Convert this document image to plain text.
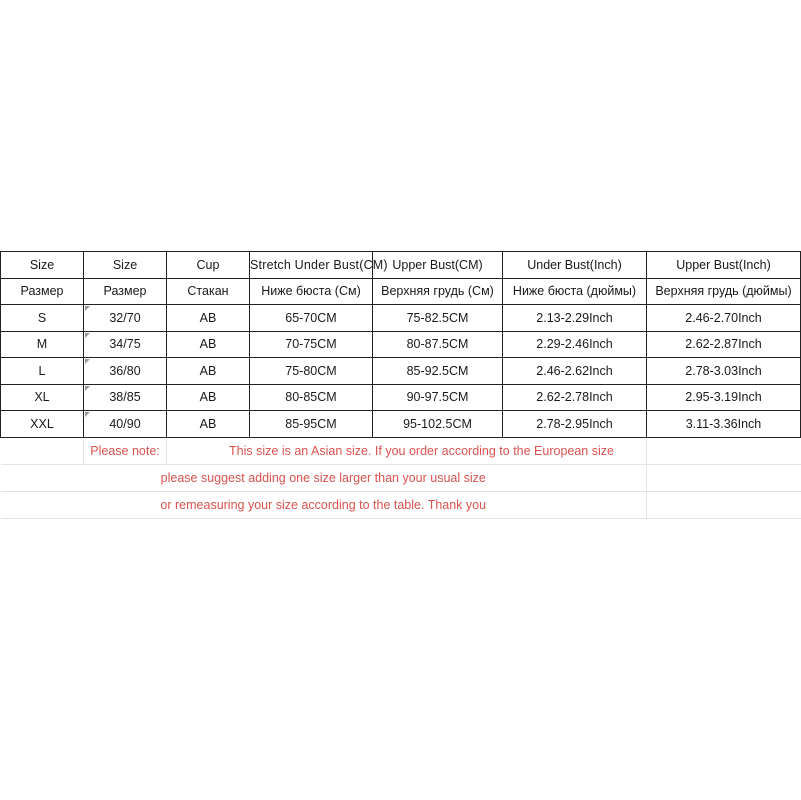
Size	Size	Cup	Stretch Under Bust(CM)	Upper Bust(CM)	Under Bust(Inch)	Upper Bust(Inch)
Размер	Размер	Стакан	Ниже бюста (См)	Верхняя грудь (См)	Ниже бюста (дюймы)	Верхняя грудь (дюймы)
S	32/70	AB	65-70CM	75-82.5CM	2.13-2.29Inch	2.46-2.70Inch
M	34/75	AB	70-75CM	80-87.5CM	2.29-2.46Inch	2.62-2.87Inch
L	36/80	AB	75-80CM	85-92.5CM	2.46-2.62Inch	2.78-3.03Inch
XL	38/85	AB	80-85CM	90-97.5CM	2.62-2.78Inch	2.95-3.19Inch
XXL	40/90	AB	85-95CM	95-102.5CM	2.78-2.95Inch	3.11-3.36Inch
	Please note:	This size is an Asian size. If you order according to the European size				
please suggest adding one size larger than your usual size						
or remeasuring your size according to the table. Thank you						
